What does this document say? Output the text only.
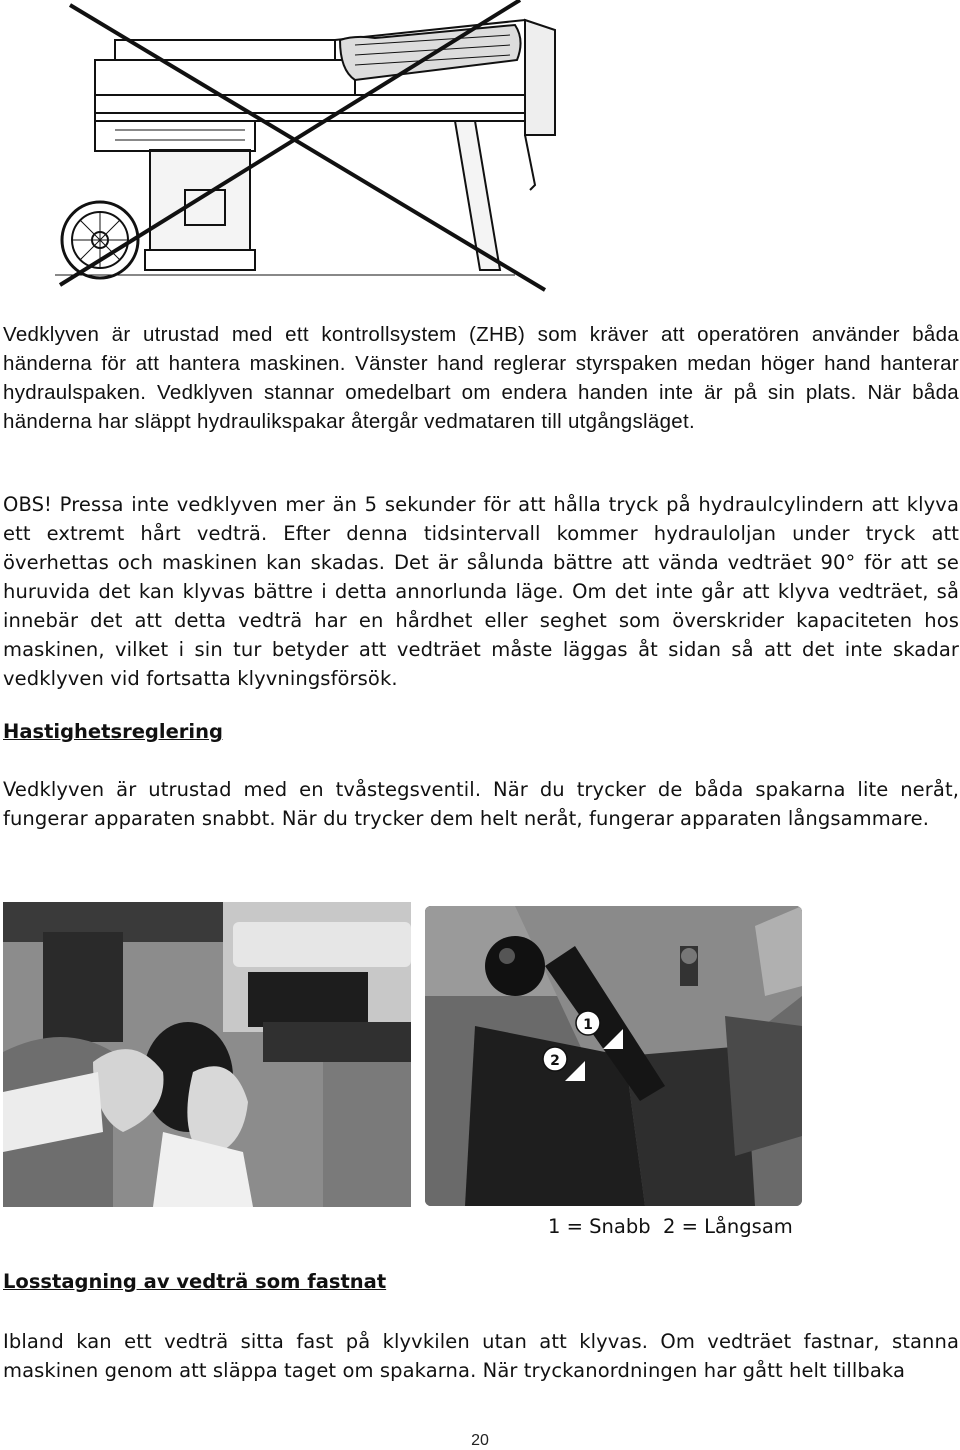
Vedklyven är utrustad med ett kontrollsystem (ZHB) som kräver att operatören använder båda händerna för att hantera maskinen. Vänster hand reglerar styrspaken medan höger hand hanterar hydraulspaken. Vedklyven stannar omedelbart om endera handen inte är på sin plats. När båda händerna har släppt hydraulikspakar återgår vedmataren till utgångsläget.

OBS! Pressa inte vedklyven mer än 5 sekunder för att hålla tryck på hydraulcylindern att klyva ett extremt hårt vedträ. Efter denna tidsintervall kommer hydrauloljan under tryck att överhettas och maskinen kan skadas. Det är sålunda bättre att vända vedträet 90° för att se huruvida det kan klyvas bättre i detta annorlunda läge. Om det inte går att klyva vedträet, så innebär det att detta vedträ har en hårdhet eller seghet som överskrider kapaciteten hos maskinen, vilket i sin tur betyder att vedträet måste läggas åt sidan så att det inte skadar vedklyven vid fortsatta klyvningsförsök.

Hastighetsreglering

Vedklyven är utrustad med en tvåstegsventil. När du trycker de båda spakarna lite neråt, fungerar apparaten snabbt. När du trycker dem helt neråt, fungerar apparaten långsammare.

1
2
1 = Snabb  2 = Långsam
Losstagning av vedträ som fastnat

Ibland kan ett vedträ sitta fast på klyvkilen utan att klyvas. Om vedträet fastnar, stanna maskinen genom att släppa taget om spakarna. När tryckanordningen har gått helt tillbaka

20
